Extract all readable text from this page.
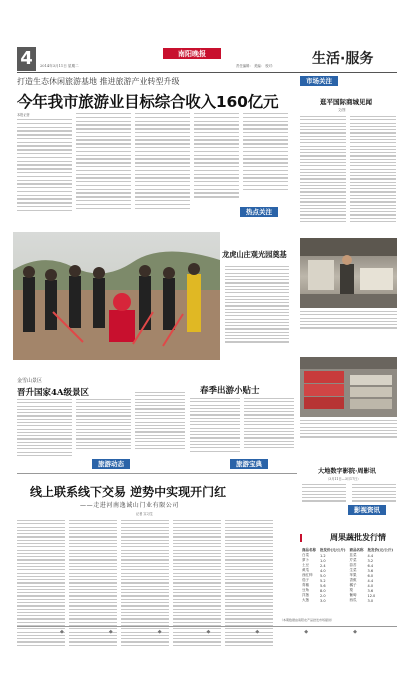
4	2014年3月11日 星期二
南阳晚报
责任编辑： 美编： 校对：	生活·服务
打造生态休闲旅游基地 推进旅游产业转型升级
今年我市旅游业目标综合收入160亿元
本报记者
热点关注
市场关注
逛平国际商城见闻
文/图
龙虎山庄观光园奠基
金雪山景区
晋升国家4A级景区
旅游动态
春季出游小贴士
旅游宝典
大地数字影院·周影讯
（3月11日—3月17日）
影视资讯
线上联系线下交易 逆势中实现开门红
——走进河南逸诚山门业有限公司
记者 实习生
周果蔬批发行情
商品名称	批发价(元/公斤)	商品名称	批发价(元/公斤)
白菜	1.2	韭菜	4.4
萝卜	1.0	芹菜	3.2
土豆	2.4	蒜苔	6.4
黄瓜	4.0	生菜	3.6
西红柿	5.0	苹果	6.0
茄子	5.2	香蕉	4.4
青椒	5.6	橘子	4.0
豆角	8.0	梨	3.6
洋葱	2.0	葡萄	12.0
大葱	3.0	西瓜	3.0
（本期数据由南阳农产品批发市场提供）
◆◆◆◆◆◆◆
